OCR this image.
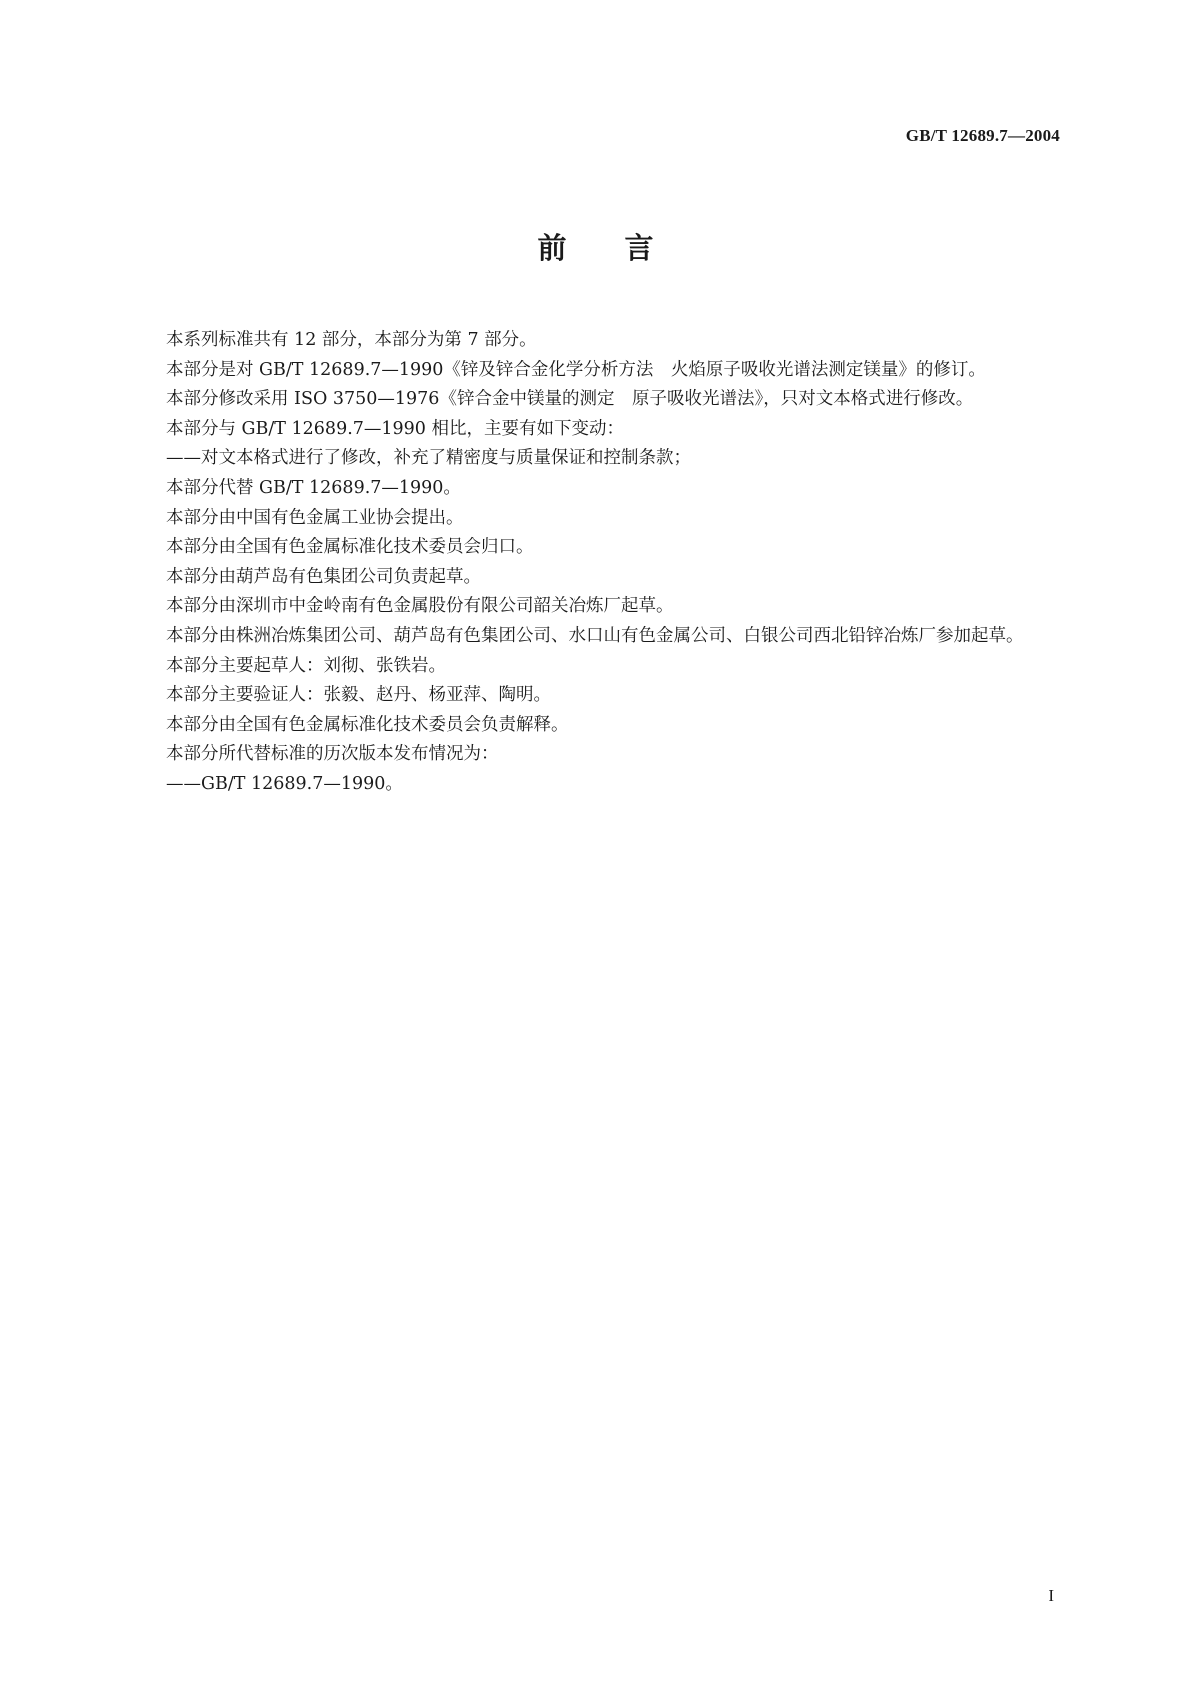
GB/T 12689.7—2004
前 言

本系列标准共有 12 部分，本部分为第 7 部分。

本部分是对 GB/T 12689.7—1990《锌及锌合金化学分析方法　火焰原子吸收光谱法测定镁量》的修订。

本部分修改采用 ISO 3750—1976《锌合金中镁量的测定　原子吸收光谱法》，只对文本格式进行修改。

本部分与 GB/T 12689.7—1990 相比，主要有如下变动：

——对文本格式进行了修改，补充了精密度与质量保证和控制条款；

本部分代替 GB/T 12689.7—1990。

本部分由中国有色金属工业协会提出。

本部分由全国有色金属标准化技术委员会归口。

本部分由葫芦岛有色集团公司负责起草。

本部分由深圳市中金岭南有色金属股份有限公司韶关冶炼厂起草。

本部分由株洲冶炼集团公司、葫芦岛有色集团公司、水口山有色金属公司、白银公司西北铅锌冶炼厂参加起草。

本部分主要起草人：刘彻、张铁岩。

本部分主要验证人：张毅、赵丹、杨亚萍、陶明。

本部分由全国有色金属标准化技术委员会负责解释。

本部分所代替标准的历次版本发布情况为：

——GB/T 12689.7—1990。

I
